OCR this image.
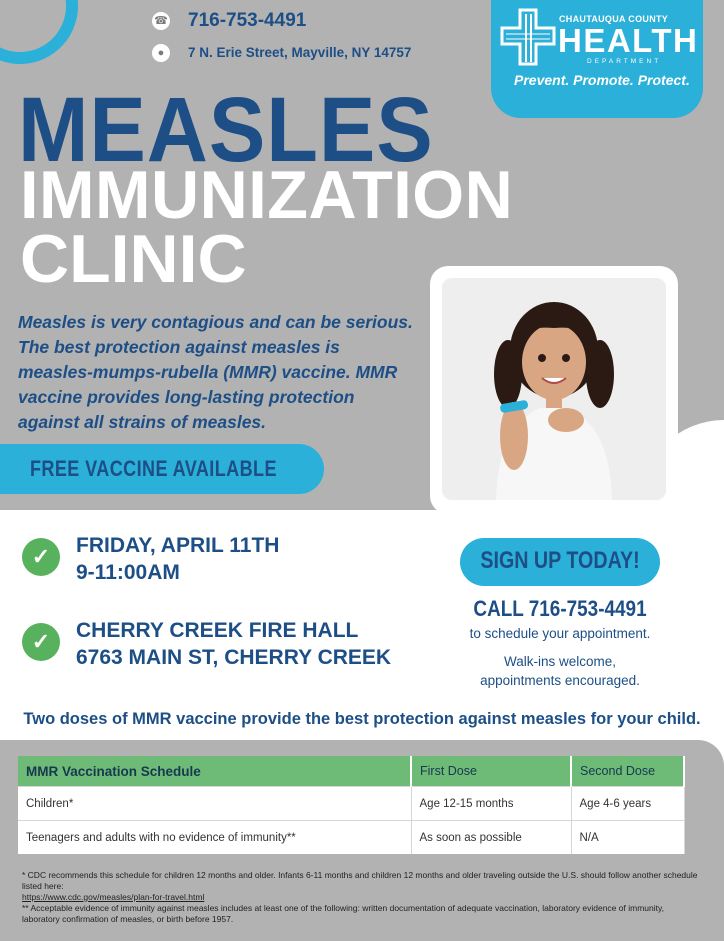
☎ 716-753-4491
●	7 N. Erie Street, Mayville, NY 14757
CHAUTAUQUA COUNTY
HEALTH
DEPARTMENT
Prevent. Promote. Protect.
MEASLES
IMMUNIZATION
CLINIC
Measles is very contagious and can be serious. The best protection against measles is measles-mumps-rubella (MMR) vaccine. MMR vaccine provides long-lasting protection against all strains of measles.
FREE VACCINE AVAILABLE
✓	FRIDAY, APRIL 11TH
9-11:00AM
✓	CHERRY CREEK FIRE HALL
6763 MAIN ST, CHERRY CREEK
SIGN UP TODAY!
CALL 716-753-4491
to schedule your appointment.
Walk-ins welcome,
appointments encouraged.
Two doses of MMR vaccine provide the best protection against measles for your child.
MMR Vaccination Schedule	First Dose	Second Dose
Children*	Age 12-15 months	Age 4-6 years
Teenagers and adults with no evidence of immunity**	As soon as possible	N/A
* CDC recommends this schedule for children 12 months and older. Infants 6-11 months and children 12 months and older traveling outside the U.S. should follow another schedule listed here:
https://www.cdc.gov/measles/plan-for-travel.html
** Acceptable evidence of immunity against measles includes at least one of the following: written documentation of adequate vaccination, laboratory evidence of immunity, laboratory confirmation of measles, or birth before 1957.
